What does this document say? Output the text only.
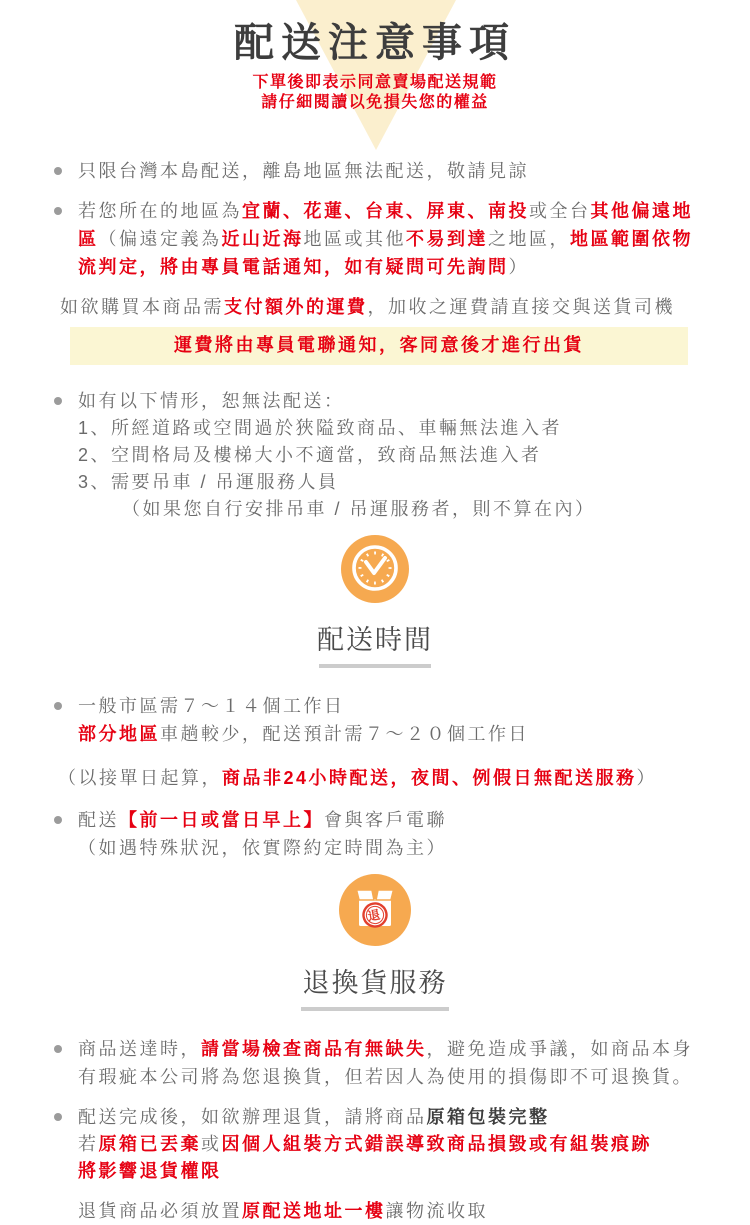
配送注意事項
下單後即表示同意賣場配送規範
請仔細閱讀以免損失您的權益
只限台灣本島配送，離島地區無法配送，敬請見諒
若您所在的地區為宜蘭、花蓮、台東、屏東、南投或全台其他偏遠地區（偏遠定義為近山近海地區或其他不易到達之地區，地區範圍依物流判定，將由專員電話通知，如有疑問可先詢問）
如欲購買本商品需支付額外的運費，加收之運費請直接交與送貨司機
運費將由專員電聯通知，客同意後才進行出貨
如有以下情形，恕無法配送：
1、所經道路或空間過於狹隘致商品、車輛無法進入者
2、空間格局及樓梯大小不適當，致商品無法進入者
3、需要吊車 / 吊運服務人員
（如果您自行安排吊車 / 吊運服務者，則不算在內）
配送時間
一般市區需７～１４個工作日
部分地區車趟較少，配送預計需７～２０個工作日
（以接單日起算，商品非24小時配送，夜間、例假日無配送服務）
配送【前一日或當日早上】會與客戶電聯
（如遇特殊狀況，依實際約定時間為主）
退
退換貨服務
商品送達時，請當場檢查商品有無缺失，避免造成爭議，如商品本身有瑕疵本公司將為您退換貨，但若因人為使用的損傷即不可退換貨。
配送完成後，如欲辦理退貨，請將商品原箱包裝完整
若原箱已丟棄或因個人組裝方式錯誤導致商品損毀或有組裝痕跡
將影響退貨權限
退貨商品必須放置原配送地址一樓讓物流收取
